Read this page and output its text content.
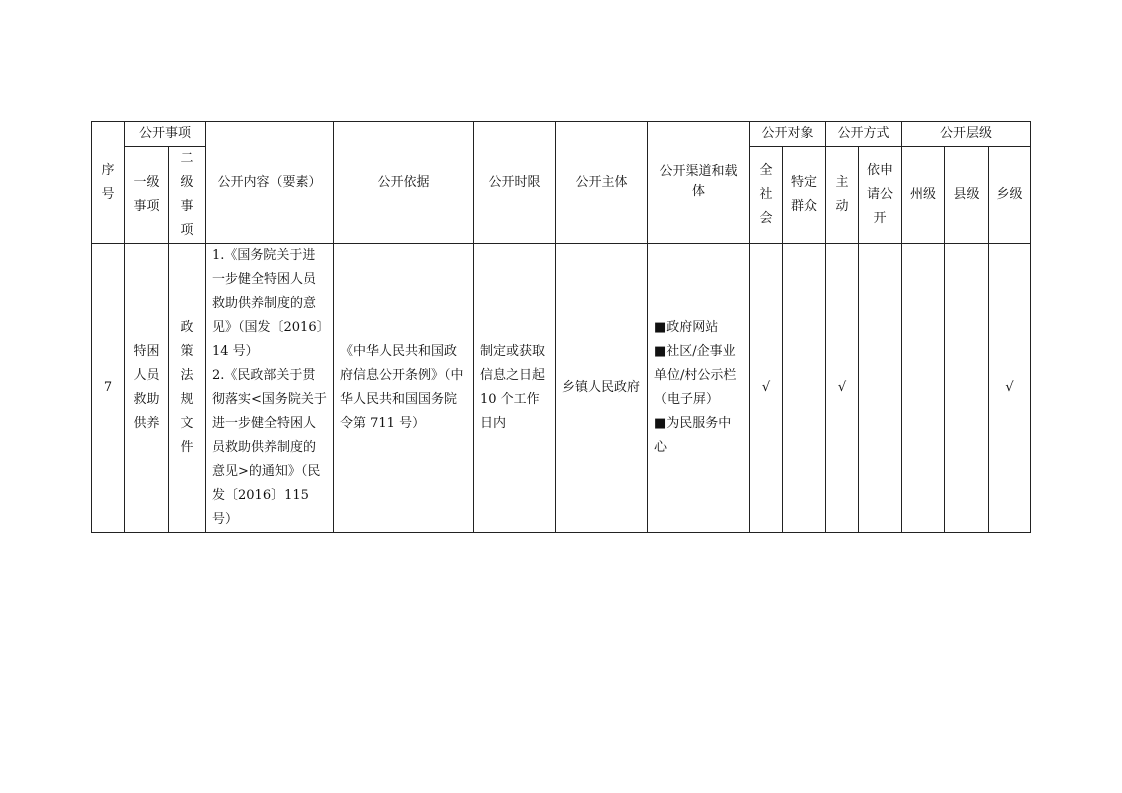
序号	公开事项		公开内容（要素）	公开依据	公开时限	公开主体	公开渠道和载体	公开对象		公开方式		公开层级		
	一级事项	二级事项						全社会	特定群众	主动	依申请公开	州级	县级	乡级
7	特困人员救助供养	政策法规文件	1.《国务院关于进一步健全特困人员救助供养制度的意见》（国发〔2016〕14 号）
2.《民政部关于贯彻落实<国务院关于进一步健全特困人员救助供养制度的意见>的通知》（民发〔2016〕115 号）	《中华人民共和国政府信息公开条例》（中华人民共和国国务院令第 711 号）	制定或获取信息之日起 10 个工作日内	乡镇人民政府	■政府网站
■社区/企事业单位/村公示栏（电子屏）
■为民服务中心	√		√				√
